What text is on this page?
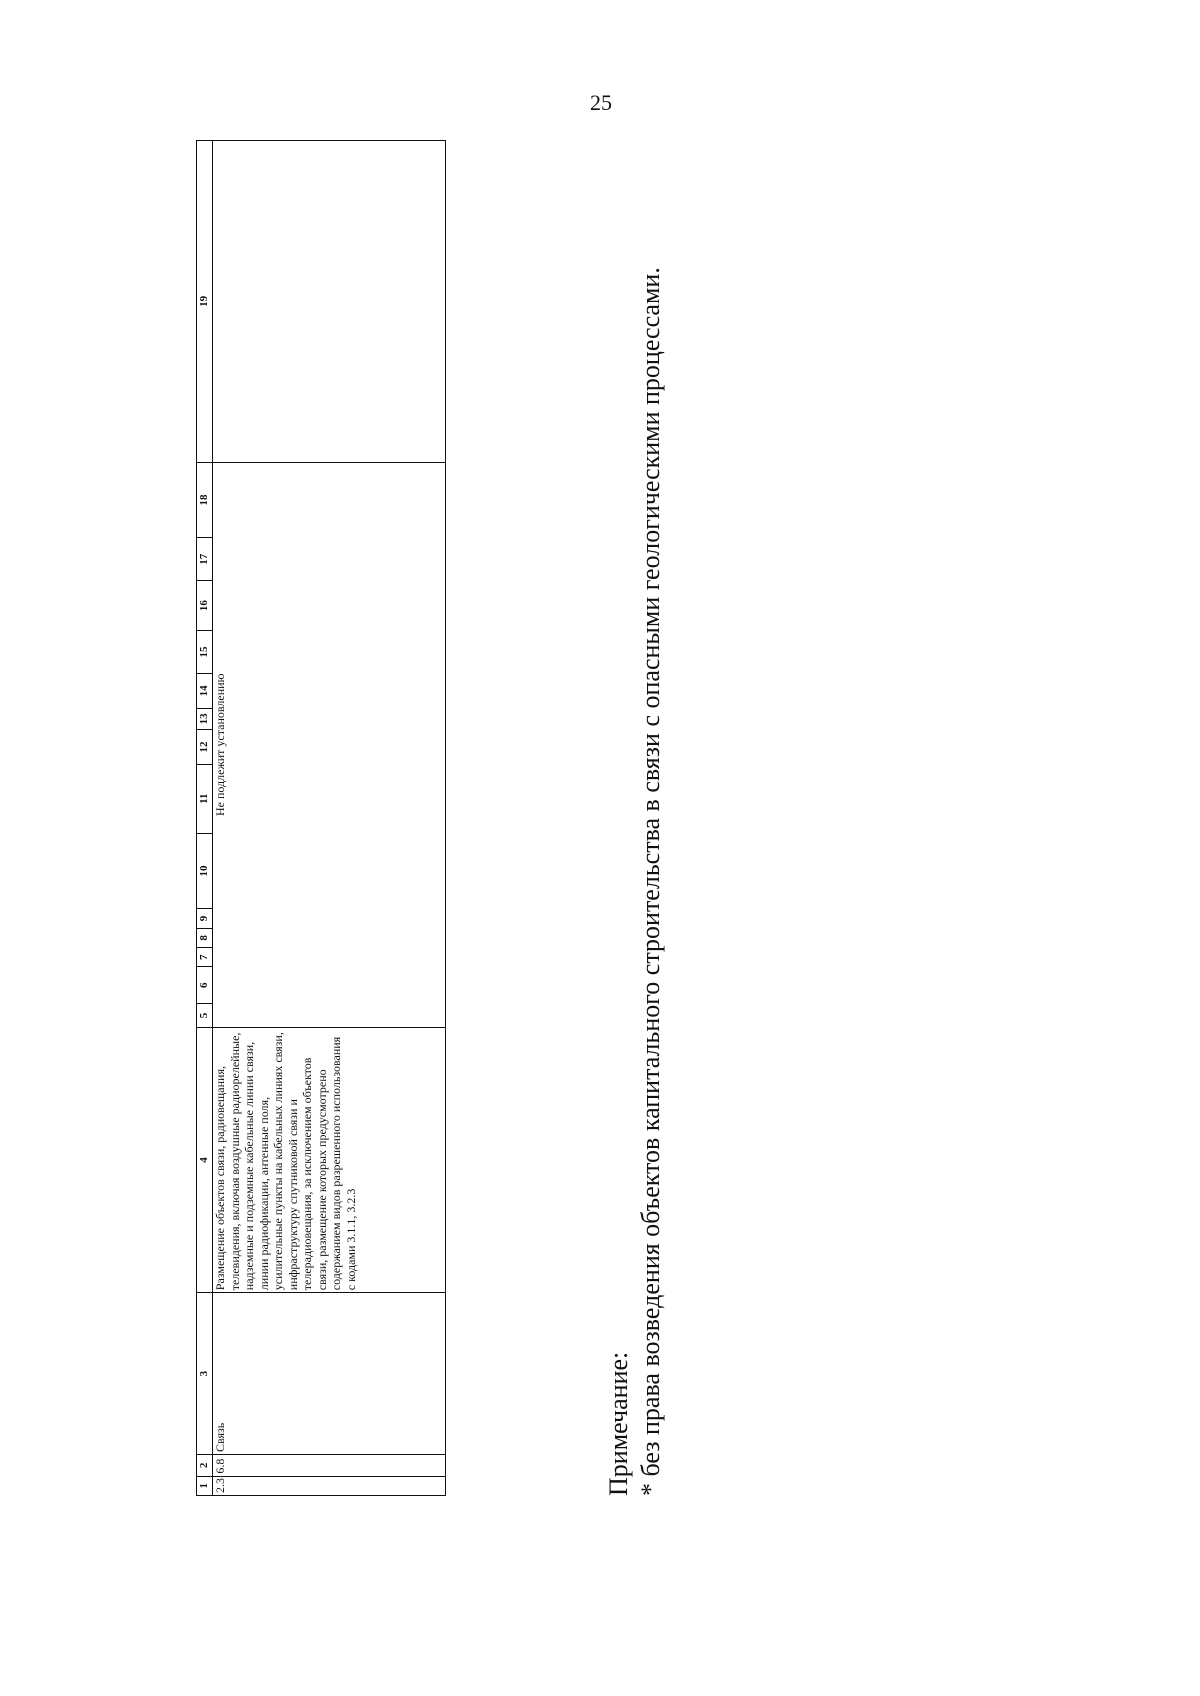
25
1	2	3	4	5	6	7	8	9	10	11	12	13	14	15	16	17	18	19
2.3	6.8	Связь	Размещение объектов связи, радиовещания, телевидения, включая воздушные радиорелейные, надземные и подземные кабельные линии связи, линии радиофикации, антенные поля, усилительные пункты на кабельных линиях связи, инфраструктуру спутниковой связи и телерадиовещания, за исключением объектов связи, размещение которых предусмотрено содержанием видов разрешенного использования с кодами 3.1.1, 3.2.3	Не подлежит установлению														
Примечание: * без права возведения объектов капитального строительства в связи с опасными геологическими процессами.
